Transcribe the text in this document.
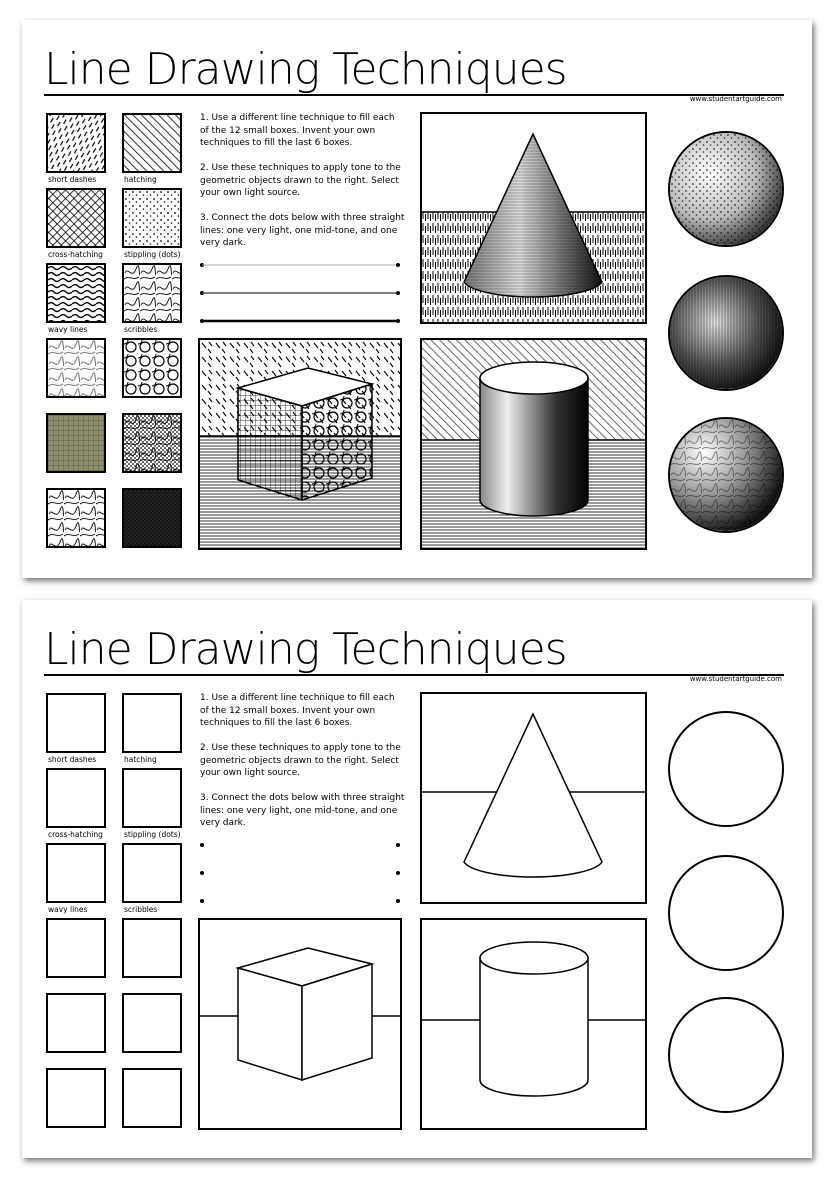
Line Drawing Techniques
www.studentartguide.com
short dashes
cross-hatching
wavy lines
hatching
stippling (dots)
scribbles

1. Use a different line technique to fill each of the 12 small boxes. Invent your own techniques to fill the last 6 boxes.

2. Use these techniques to apply tone to the geometric objects drawn to the right. Select your own light source.

3. Connect the dots below with three straight lines: one very light, one mid-tone, and one very dark.

Line Drawing Techniques
www.studentartguide.com
short dashes
cross-hatching
wavy lines
hatching
stippling (dots)
scribbles

1. Use a different line technique to fill each of the 12 small boxes. Invent your own techniques to fill the last 6 boxes.

2. Use these techniques to apply tone to the geometric objects drawn to the right. Select your own light source.

3. Connect the dots below with three straight lines: one very light, one mid-tone, and one very dark.
